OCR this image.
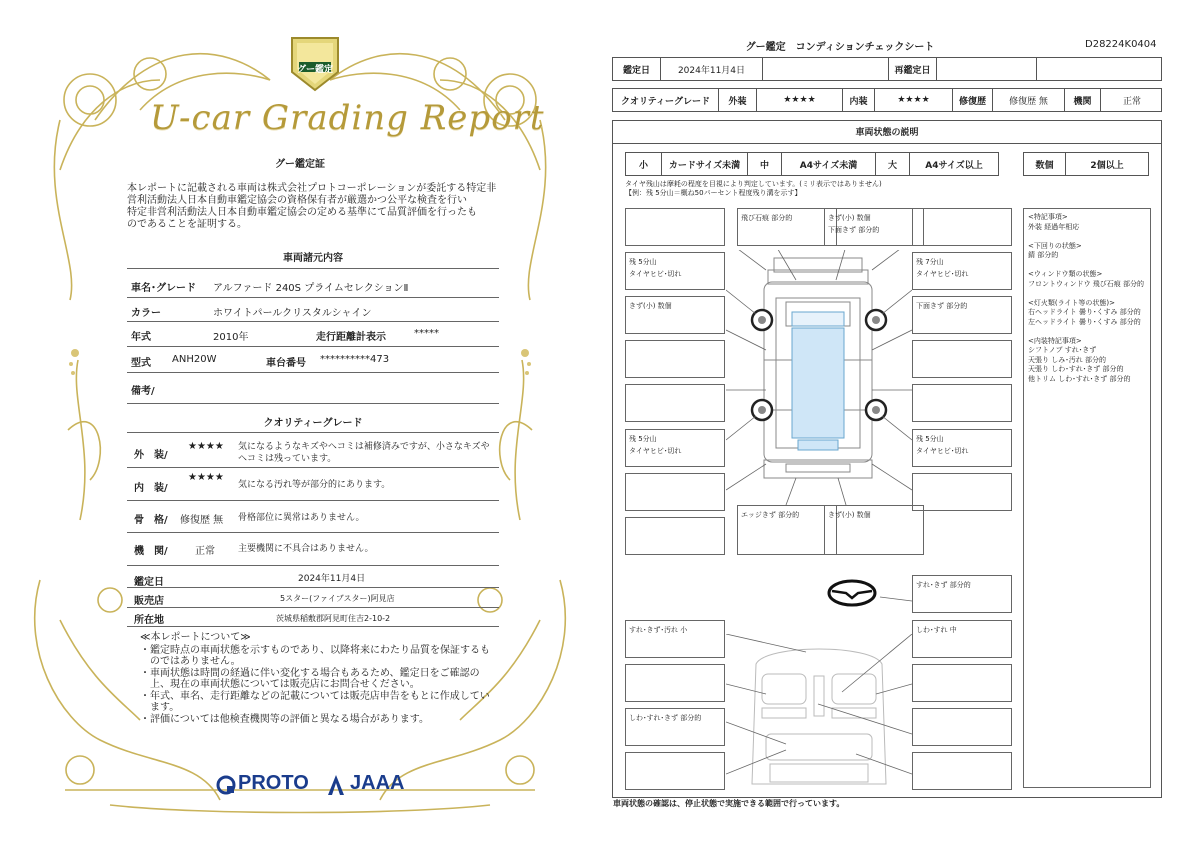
グー鑑定
U-car Grading Report
グー鑑定証
本レポートに記載される車両は株式会社プロトコーポレーションが委託する特定非
営利活動法人日本自動車鑑定協会の資格保有者が厳選かつ公平な検査を行い
特定非営利活動法人日本自動車鑑定協会の定める基準にて品質評価を行ったも
のであることを証明する。
車両諸元内容
車名･グレード アルファード 240S プライムセレクションⅡ
カラー	ホワイトパールクリスタルシャイン
年式	2010年	走行距離計表示	*****
型式 ANH20W	車台番号 **********473
備考/
クオリティーグレード
外　装/
★★★★ 気になるようなキズやヘコミは補修済みですが、小さなキズや
ヘコミは残っています。
内　装/
★★★★
気になる汚れ等が部分的にあります。
骨　格/ 修復歴 無 骨格部位に異常はありません。
機　関/	正常	主要機関に不具合はありません。
鑑定日	2024年11月4日
販売店	5スター(ファイブスター)阿見店
所在地	茨城県稲敷郡阿見町住吉2-10-2
≪本レポートについて≫
・鑑定時点の車両状態を示すものであり、以降将来にわたり品質を保証するものではありません。
・車両状態は時間の経過に伴い変化する場合もあるため、鑑定日をご確認の上、現在の車両状態については販売店にお問合せください。
・年式、車名、走行距離などの記載については販売店申告をもとに作成しています。
・評価については他検査機関等の評価と異なる場合があります。
PROTO JAAA
グー鑑定　コンディションチェックシート	D28224K0404
鑑定日	2024年11月4日	再鑑定日
クオリティーグレード	外装	★★★★	内装	★★★★	修復歴	修復歴 無	機関	正常
車両状態の説明
小	カードサイズ未満	中	A4サイズ未満	大	A4サイズ以上	数個	2個以上
タイヤ残山は摩耗の程度を目視により判定しています。(ミリ表示ではありません)
【例：残 5分山＝概ね50パーセント程度残り溝を示す】
飛び石痕 部分的	きず(小) 数個
下面きず 部分的
残 5分山
タイヤヒビ･切れ
残 7分山
タイヤヒビ･切れ
きず(小) 数個	下面きず 部分的
残 5分山
タイヤヒビ･切れ
残 5分山
タイヤヒビ･切れ
エッジきず 部分的	きず(小) 数個
すれ･きず 部分的
すれ･きず･汚れ 小	しわ･すれ 中
しわ･すれ･きず 部分的
<特記事項>
外装 経過年相応
<下回りの状態>
錆 部分的
<ウィンドウ類の状態>
フロントウィンドウ 飛び石痕 部分的
<灯火類(ライト等の状態)>
右ヘッドライト 曇り･くすみ 部分的
左ヘッドライト 曇り･くすみ 部分的
<内装特記事項>
シフトノブ すれ･きず
天張り しみ･汚れ 部分的
天張り しわ･すれ･きず 部分的
他トリム しわ･すれ･きず 部分的
車両状態の確認は、停止状態で実施できる範囲で行っています。
